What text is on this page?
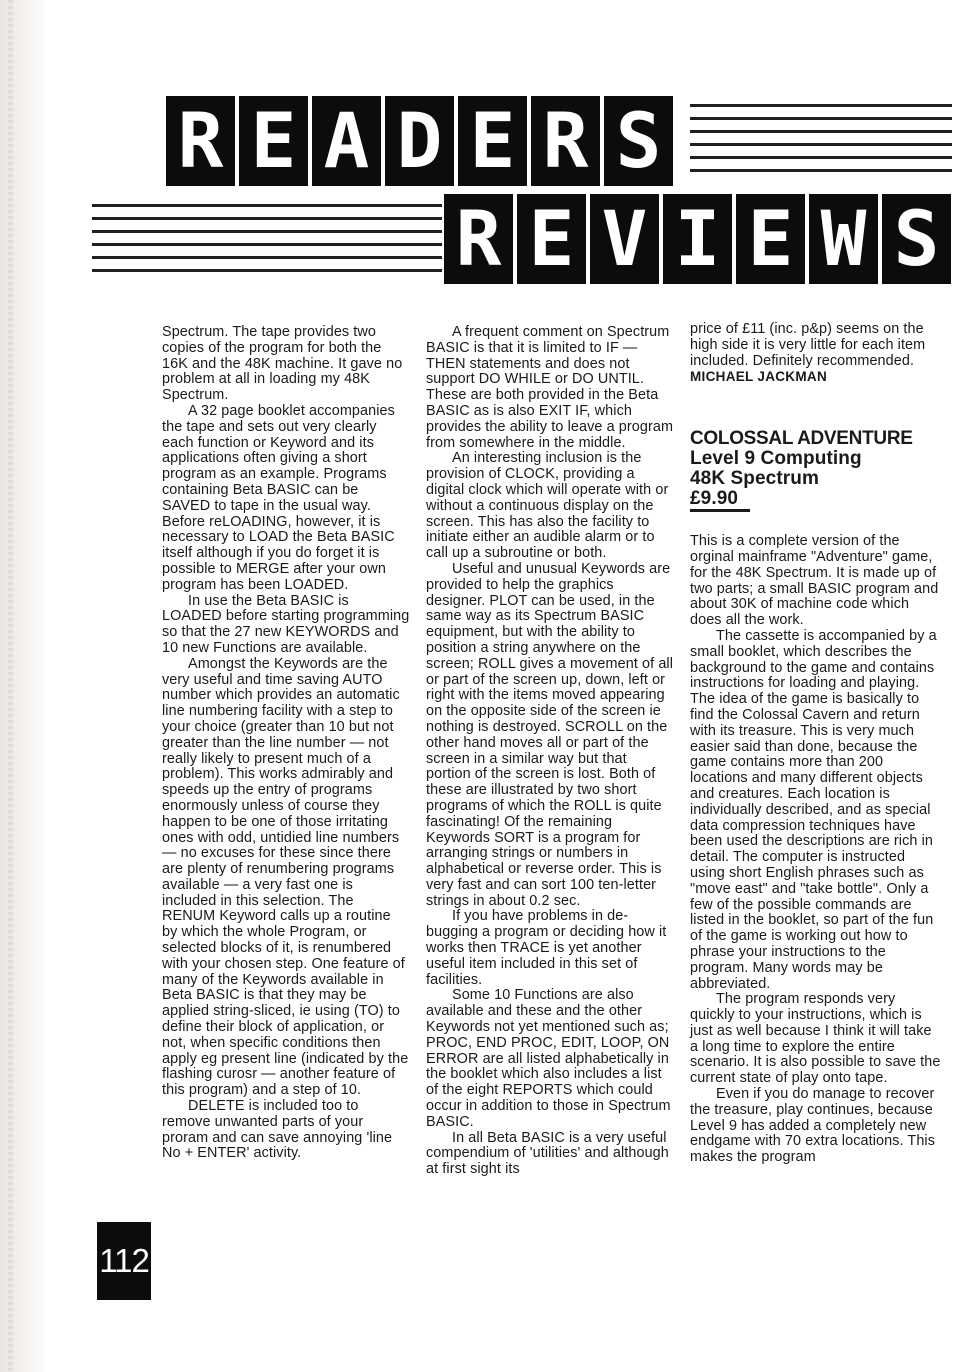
R E A D E R S
R E V I E W S

Spectrum. The tape provides two copies of the program for both the 16K and the 48K machine. It gave no problem at all in loading my 48K Spectrum.

A 32 page booklet accompanies the tape and sets out very clearly each function or Keyword and its applications often giving a short program as an example. Programs containing Beta BASIC can be SAVED to tape in the usual way. Before reLOADING, however, it is necessary to LOAD the Beta BASIC itself although if you do forget it is possible to MERGE after your own program has been LOADED.

In use the Beta BASIC is LOADED before starting programming so that the 27 new KEYWORDS and 10 new Functions are available.

Amongst the Keywords are the very useful and time saving AUTO number which provides an automatic line numbering facility with a step to your choice (greater than 10 but not greater than the line number — not really likely to present much of a problem). This works admirably and speeds up the entry of programs enormously unless of course they happen to be one of those irritating ones with odd, untidied line numbers — no excuses for these since there are plenty of renumbering programs available — a very fast one is included in this selection. The RENUM Keyword calls up a routine by which the whole Program, or selected blocks of it, is renumbered with your chosen step. One feature of many of the Keywords available in Beta BASIC is that they may be applied string-sliced, ie using (TO) to define their block of application, or not, when specific conditions then apply eg present line (indicated by the flashing curosr — another feature of this program) and a step of 10.

DELETE is included too to remove unwanted parts of your proram and can save annoying 'line No + ENTER' activity.

A frequent comment on Spectrum BASIC is that it is limited to IF — THEN statements and does not support DO WHILE or DO UNTIL. These are both provided in the Beta BASIC as is also EXIT IF, which provides the ability to leave a program from somewhere in the middle.

An interesting inclusion is the provision of CLOCK, providing a digital clock which will operate with or without a continuous display on the screen. This has also the facility to initiate either an audible alarm or to call up a subroutine or both.

Useful and unusual Keywords are provided to help the graphics designer. PLOT can be used, in the same way as its Spectrum BASIC equipment, but with the ability to position a string anywhere on the screen; ROLL gives a movement of all or part of the screen up, down, left or right with the items moved appearing on the opposite side of the screen ie nothing is destroyed. SCROLL on the other hand moves all or part of the screen in a similar way but that portion of the screen is lost. Both of these are illustrated by two short programs of which the ROLL is quite fascinating! Of the remaining Keywords SORT is a program for arranging strings or numbers in alphabetical or reverse order. This is very fast and can sort 100 ten-letter strings in about 0.2 sec.

If you have problems in de-bugging a program or deciding how it works then TRACE is yet another useful item included in this set of facilities.

Some 10 Functions are also available and these and the other Keywords not yet mentioned such as; PROC, END PROC, EDIT, LOOP, ON ERROR are all listed alphabetically in the booklet which also includes a list of the eight REPORTS which could occur in addition to those in Spectrum BASIC.

In all Beta BASIC is a very useful compendium of 'utilities' and although at first sight its

price of £11 (inc. p&p) seems on the high side it is very little for each item included. Definitely recommended.

MICHAEL JACKMAN

COLOSSAL ADVENTURE
Level 9 Computing
48K Spectrum
£9.90

This is a complete version of the orginal mainframe "Adventure" game, for the 48K Spectrum. It is made up of two parts; a small BASIC program and about 30K of machine code which does all the work.

The cassette is accompanied by a small booklet, which describes the background to the game and contains instructions for loading and playing. The idea of the game is basically to find the Colossal Cavern and return with its treasure. This is very much easier said than done, because the game contains more than 200 locations and many different objects and creatures. Each location is individually described, and as special data compression techniques have been used the descriptions are rich in detail. The computer is instructed using short English phrases such as "move east" and "take bottle". Only a few of the possible commands are listed in the booklet, so part of the fun of the game is working out how to phrase your instructions to the program. Many words may be abbreviated.

The program responds very quickly to your instructions, which is just as well because I think it will take a long time to explore the entire scenario. It is also possible to save the current state of play onto tape.

Even if you do manage to recover the treasure, play continues, because Level 9 has added a completely new endgame with 70 extra locations. This makes the program

112
